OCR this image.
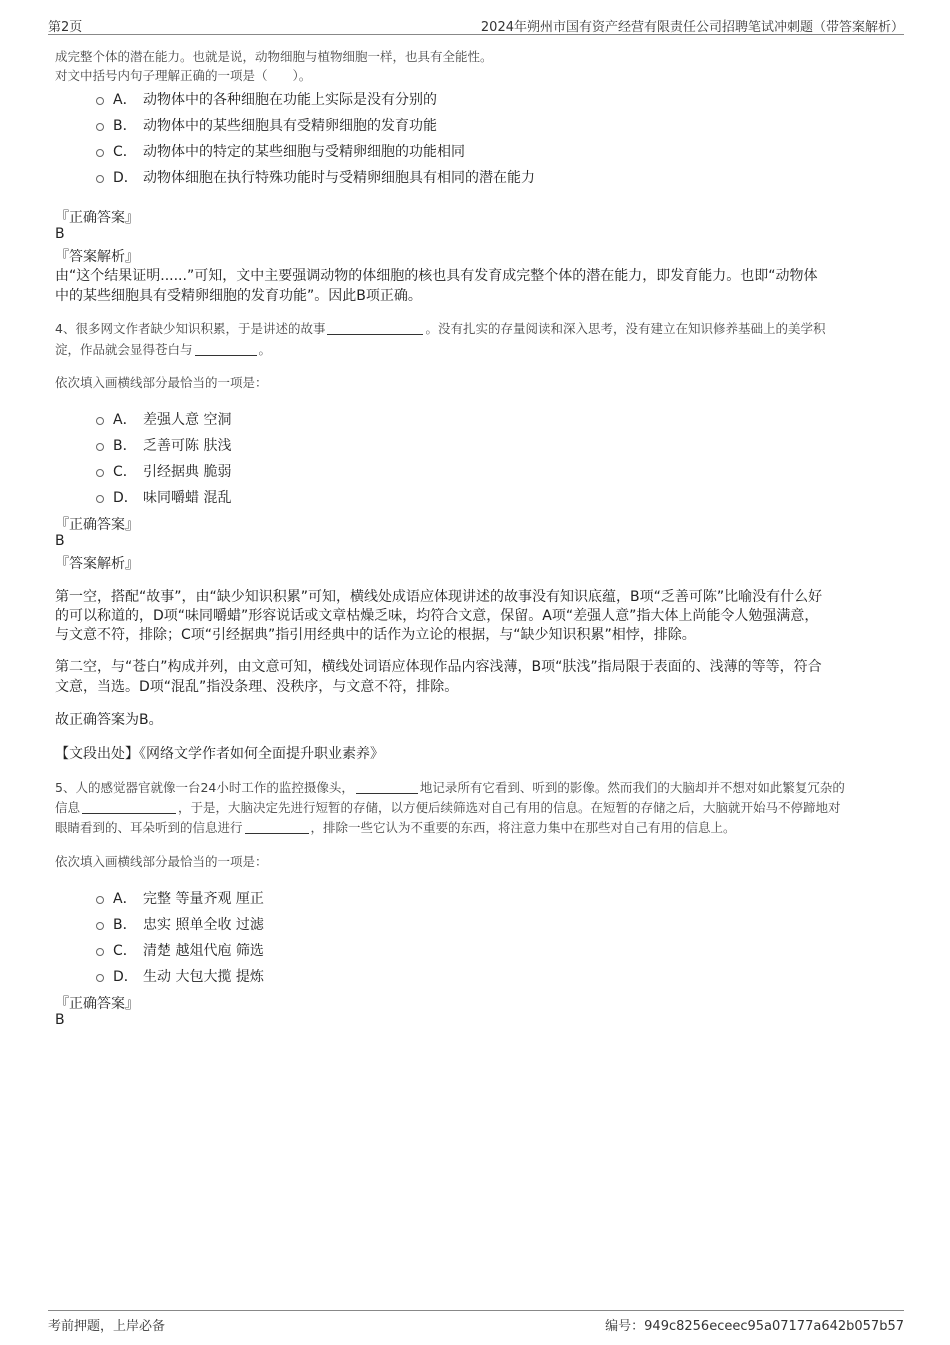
第2页	2024年朔州市国有资产经营有限责任公司招聘笔试冲刺题（带答案解析）
成完整个体的潜在能力。也就是说，动物细胞与植物细胞一样，也具有全能性。
对文中括号内句子理解正确的一项是（　　）。
A． 动物体中的各种细胞在功能上实际是没有分别的
B． 动物体中的某些细胞具有受精卵细胞的发育功能
C． 动物体中的特定的某些细胞与受精卵细胞的功能相同
D． 动物体细胞在执行特殊功能时与受精卵细胞具有相同的潜在能力
『正确答案』
B
『答案解析』
由“这个结果证明......”可知，文中主要强调动物的体细胞的核也具有发育成完整个体的潜在能力，即发育能力。也即“动物体
中的某些细胞具有受精卵细胞的发育功能”。因此B项正确。
4、很多网文作者缺少知识积累，于是讲述的故事	。没有扎实的存量阅读和深入思考，没有建立在知识修养基础上的美学积
淀，作品就会显得苍白与	。
依次填入画横线部分最恰当的一项是：
A． 差强人意 空洞
B． 乏善可陈 肤浅
C． 引经据典 脆弱
D． 味同嚼蜡 混乱
『正确答案』
B
『答案解析』
第一空，搭配“故事”，由“缺少知识积累”可知，横线处成语应体现讲述的故事没有知识底蕴，B项“乏善可陈”比喻没有什么好
的可以称道的，D项“味同嚼蜡”形容说话或文章枯燥乏味，均符合文意，保留。A项“差强人意”指大体上尚能令人勉强满意，
与文意不符，排除；C项“引经据典”指引用经典中的话作为立论的根据，与“缺少知识积累”相悖，排除。
第二空，与“苍白”构成并列，由文意可知，横线处词语应体现作品内容浅薄，B项“肤浅”指局限于表面的、浅薄的等等，符合
文意，当选。D项“混乱”指没条理、没秩序，与文意不符，排除。
故正确答案为B。
【文段出处】《网络文学作者如何全面提升职业素养》
5、人的感觉器官就像一台24小时工作的监控摄像头，	地记录所有它看到、听到的影像。然而我们的大脑却并不想对如此繁复冗杂的
信息	，于是，大脑决定先进行短暂的存储，以方便后续筛选对自己有用的信息。在短暂的存储之后，大脑就开始马不停蹄地对
眼睛看到的、耳朵听到的信息进行	，排除一些它认为不重要的东西，将注意力集中在那些对自己有用的信息上。
依次填入画横线部分最恰当的一项是：
A． 完整 等量齐观 厘正
B． 忠实 照单全收 过滤
C． 清楚 越俎代庖 筛选
D． 生动 大包大揽 提炼
『正确答案』
B
考前押题，上岸必备	编号：949c8256eceec95a07177a642b057b57
